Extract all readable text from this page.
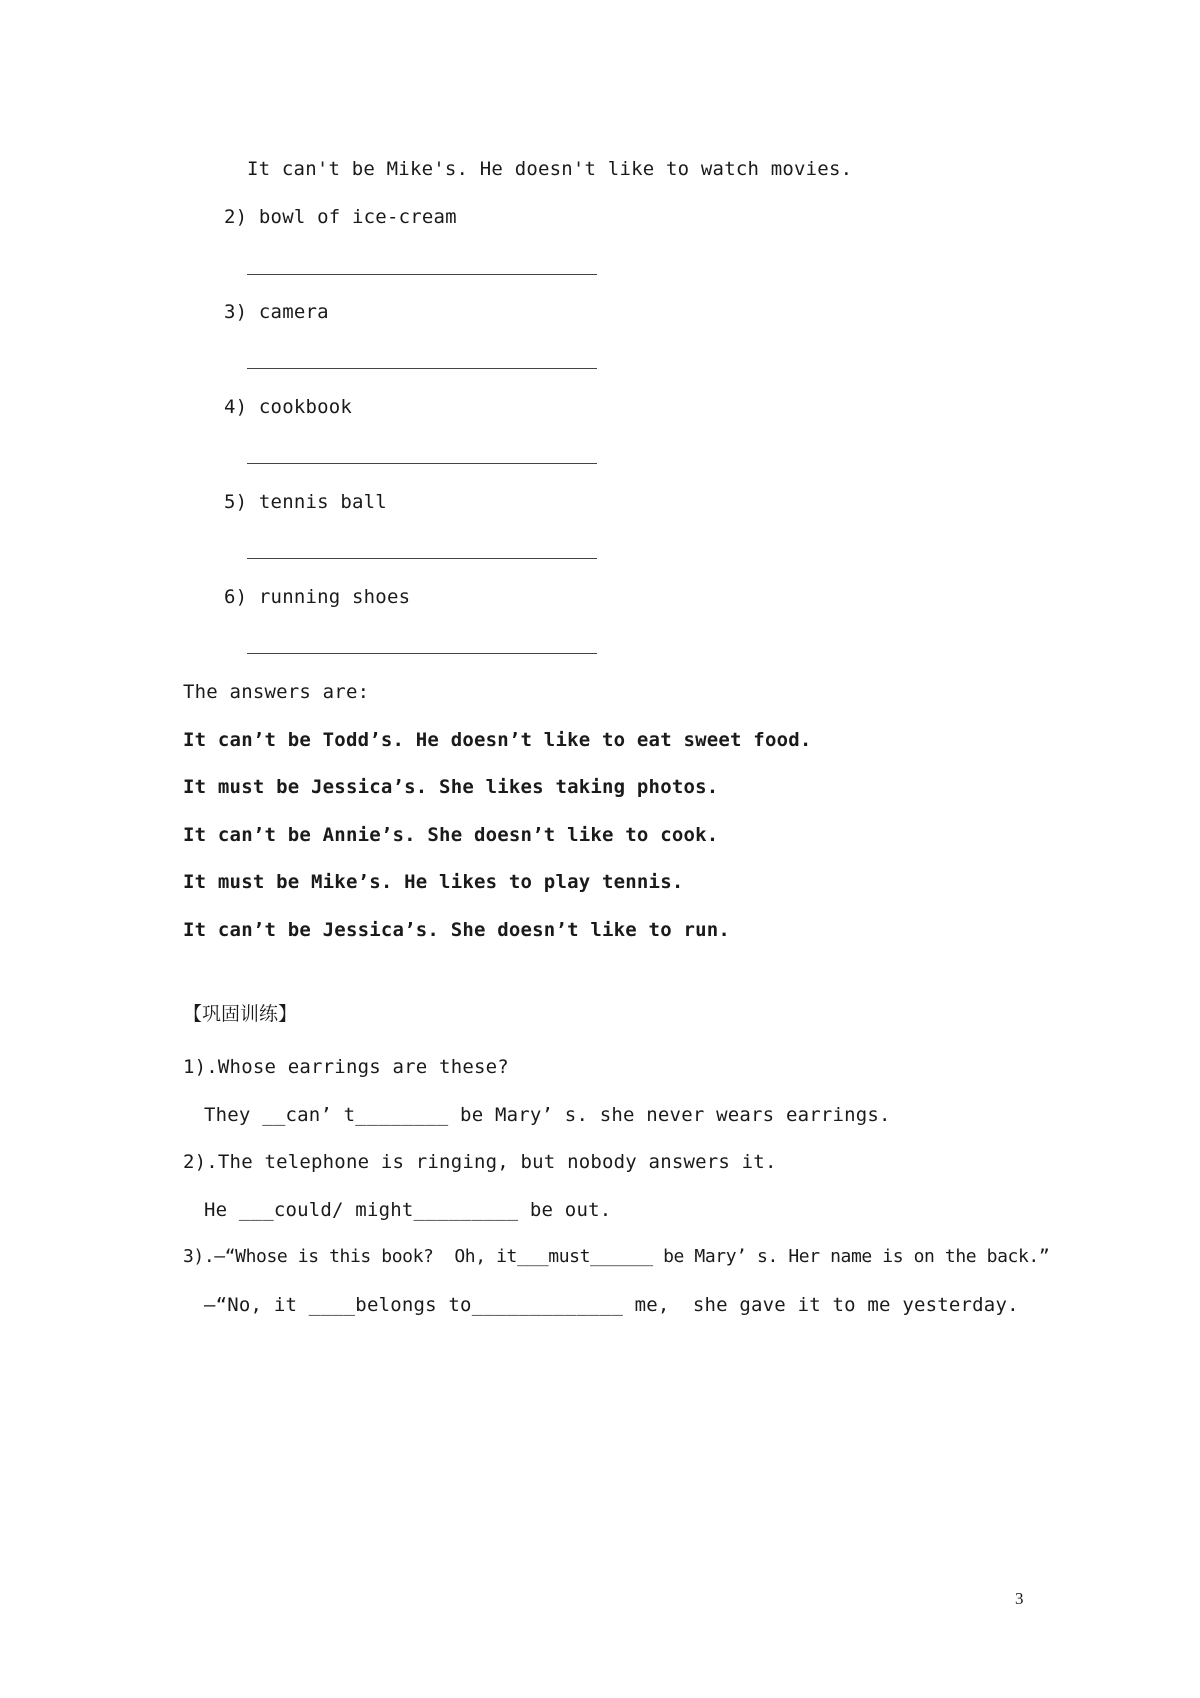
It can't be Mike's. He doesn't like to watch movies.
2) bowl of ice-cream
3) camera
4) cookbook
5) tennis ball
6) running shoes
The answers are:
It can’t be Todd’s. He doesn’t like to eat sweet food.
It must be Jessica’s. She likes taking photos.
It can’t be Annie’s. She doesn’t like to cook.
It must be Mike’s. He likes to play tennis.
It can’t be Jessica’s. She doesn’t like to run.
【巩固训练】
1).Whose earrings are these?
They __can’ t________ be Mary’ s. she never wears earrings.
2).The telephone is ringing, but nobody answers it.
He ___could/ might_________ be out.
3).—“Whose is this book?  Oh, it___must______ be Mary’ s. Her name is on the back.”
—“No, it ____belongs to_____________ me,  she gave it to me yesterday.
3
